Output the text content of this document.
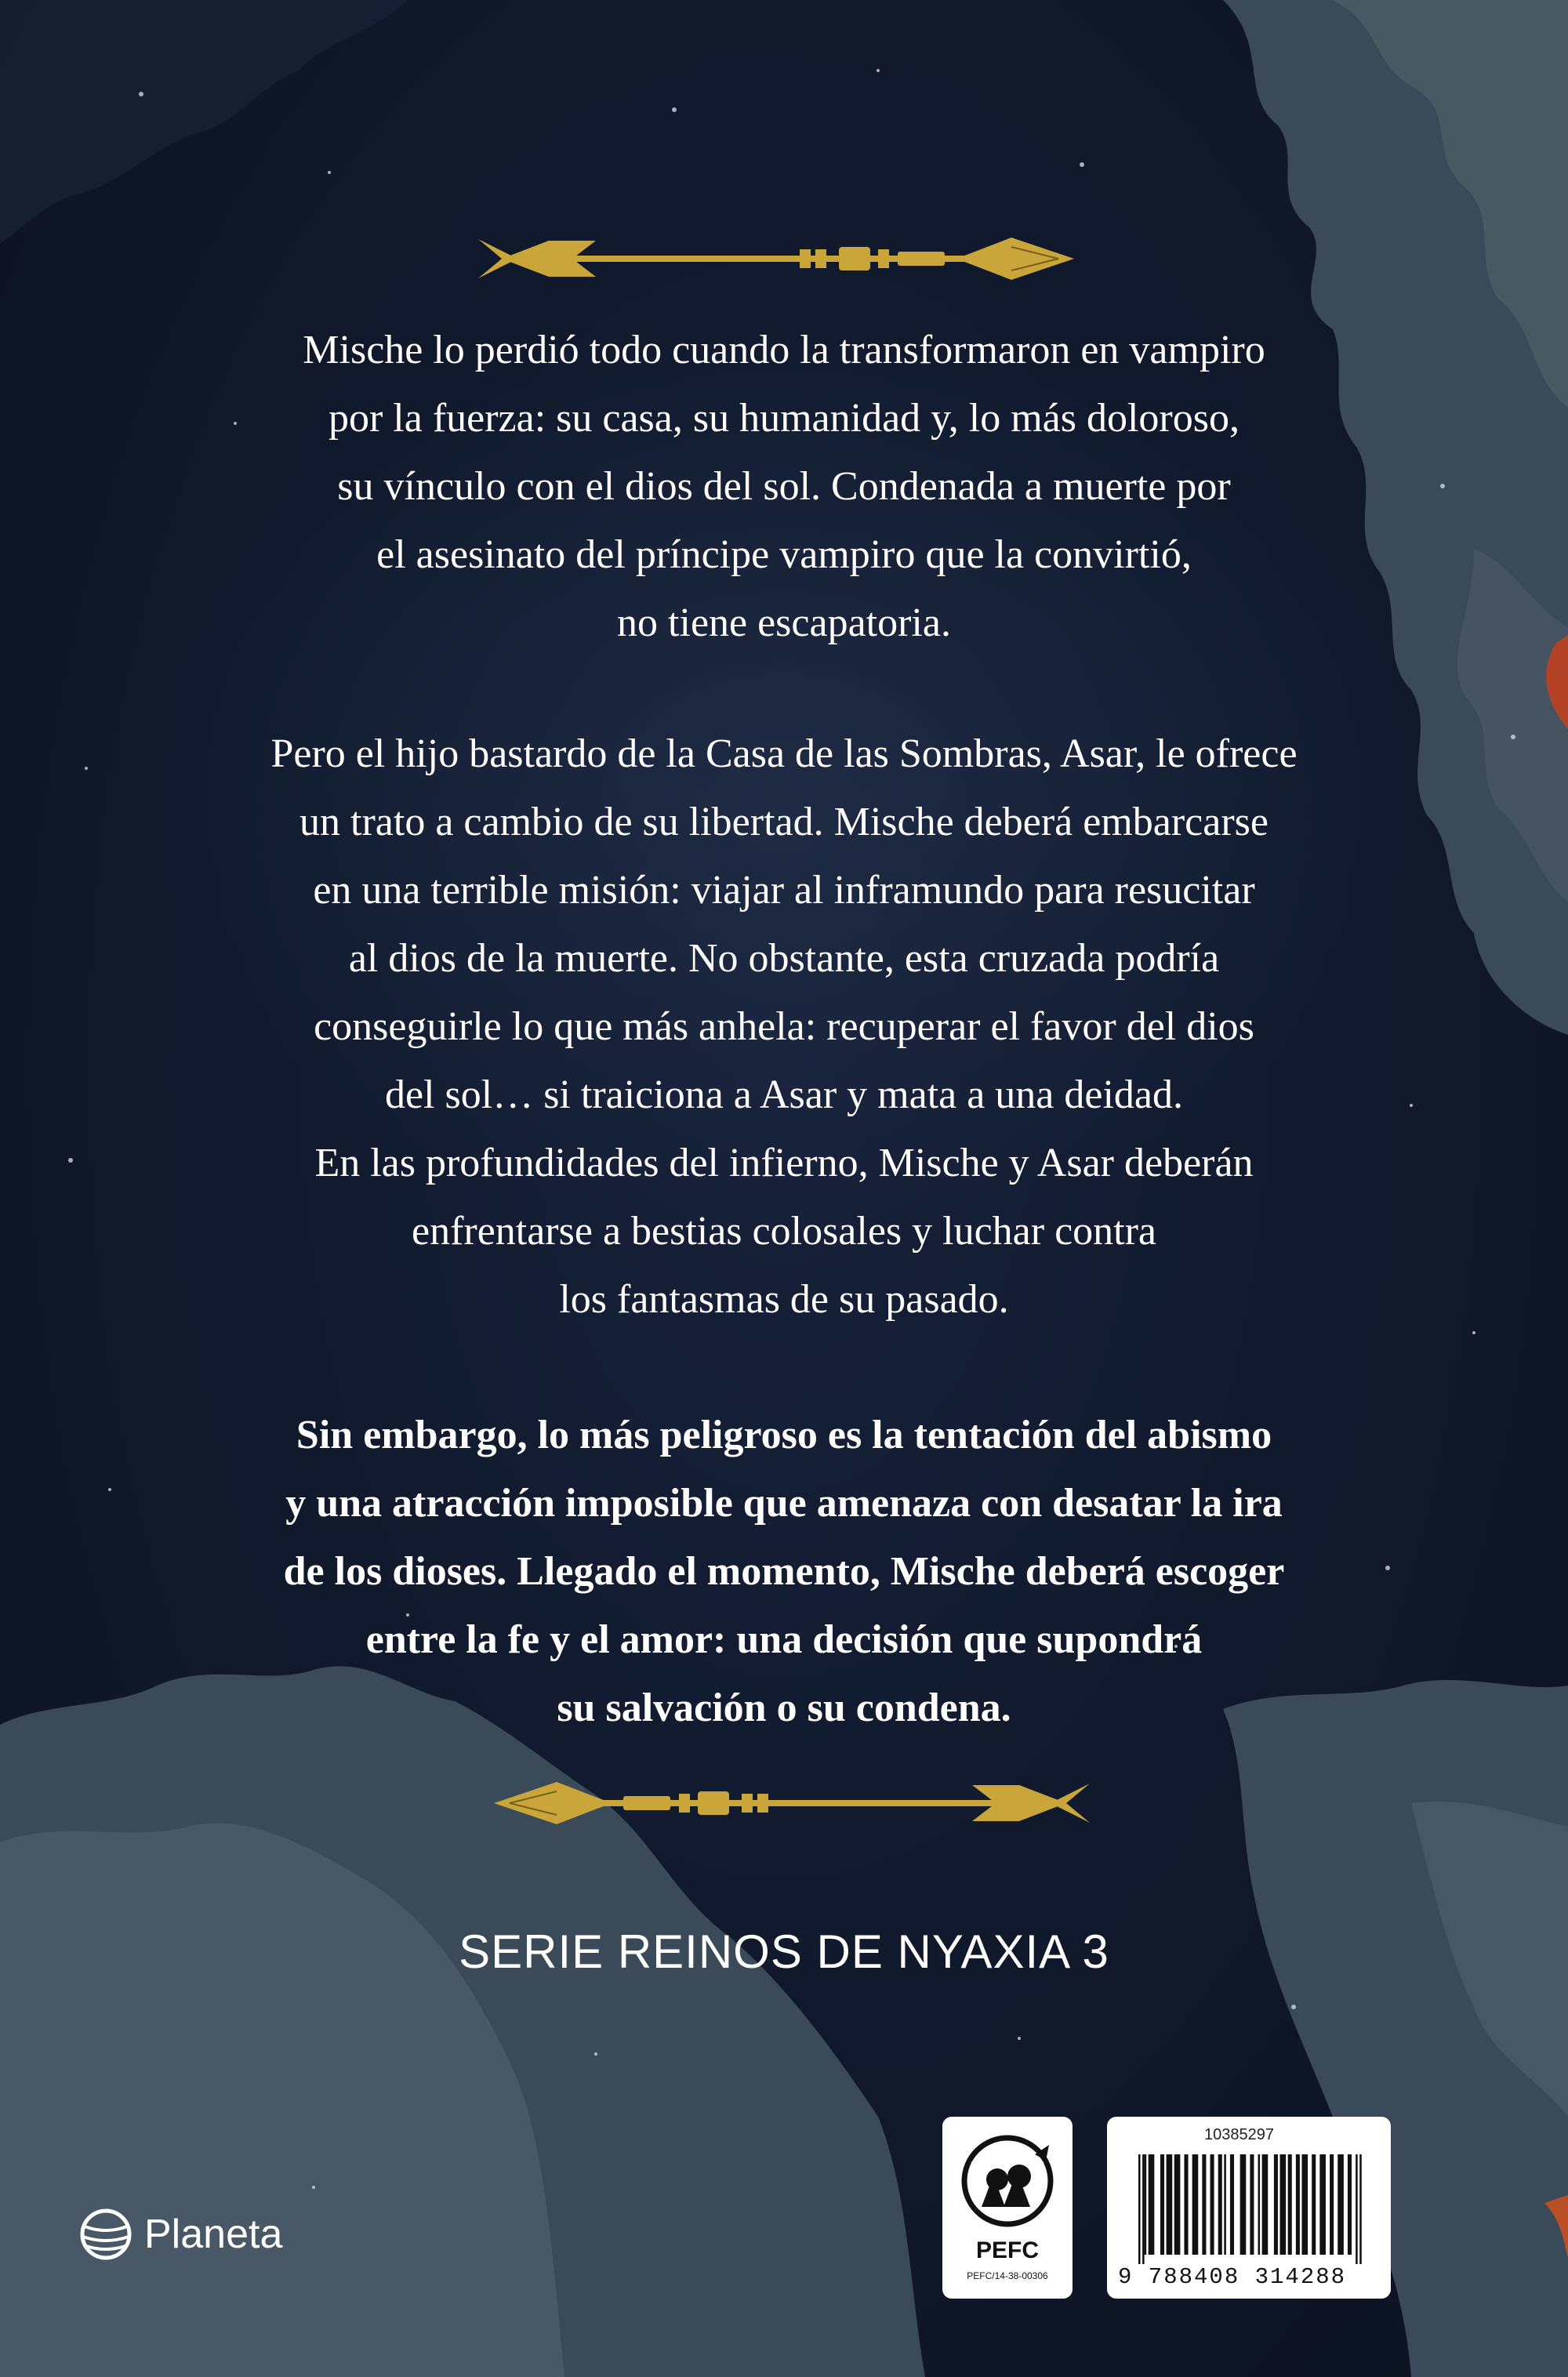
Mische lo perdió todo cuando la transformaron en vampiro
por la fuerza: su casa, su humanidad y, lo más doloroso,
su vínculo con el dios del sol. Condenada a muerte por
el asesinato del príncipe vampiro que la convirtió,
no tiene escapatoria.

Pero el hijo bastardo de la Casa de las Sombras, Asar, le ofrece
un trato a cambio de su libertad. Mische deberá embarcarse
en una terrible misión: viajar al inframundo para resucitar
al dios de la muerte. No obstante, esta cruzada podría
conseguirle lo que más anhela: recuperar el favor del dios
del sol… si traiciona a Asar y mata a una deidad.
En las profundidades del infierno, Mische y Asar deberán
enfrentarse a bestias colosales y luchar contra
los fantasmas de su pasado.

Sin embargo, lo más peligroso es la tentación del abismo
y una atracción imposible que amenaza con desatar la ira
de los dioses. Llegado el momento, Mische deberá escoger
entre la fe y el amor: una decisión que supondrá
su salvación o su condena.

SERIE REINOS DE NYAXIA 3
Planeta	PEFC
PEFC/14-38-00306
10385297
9 788408 314288
